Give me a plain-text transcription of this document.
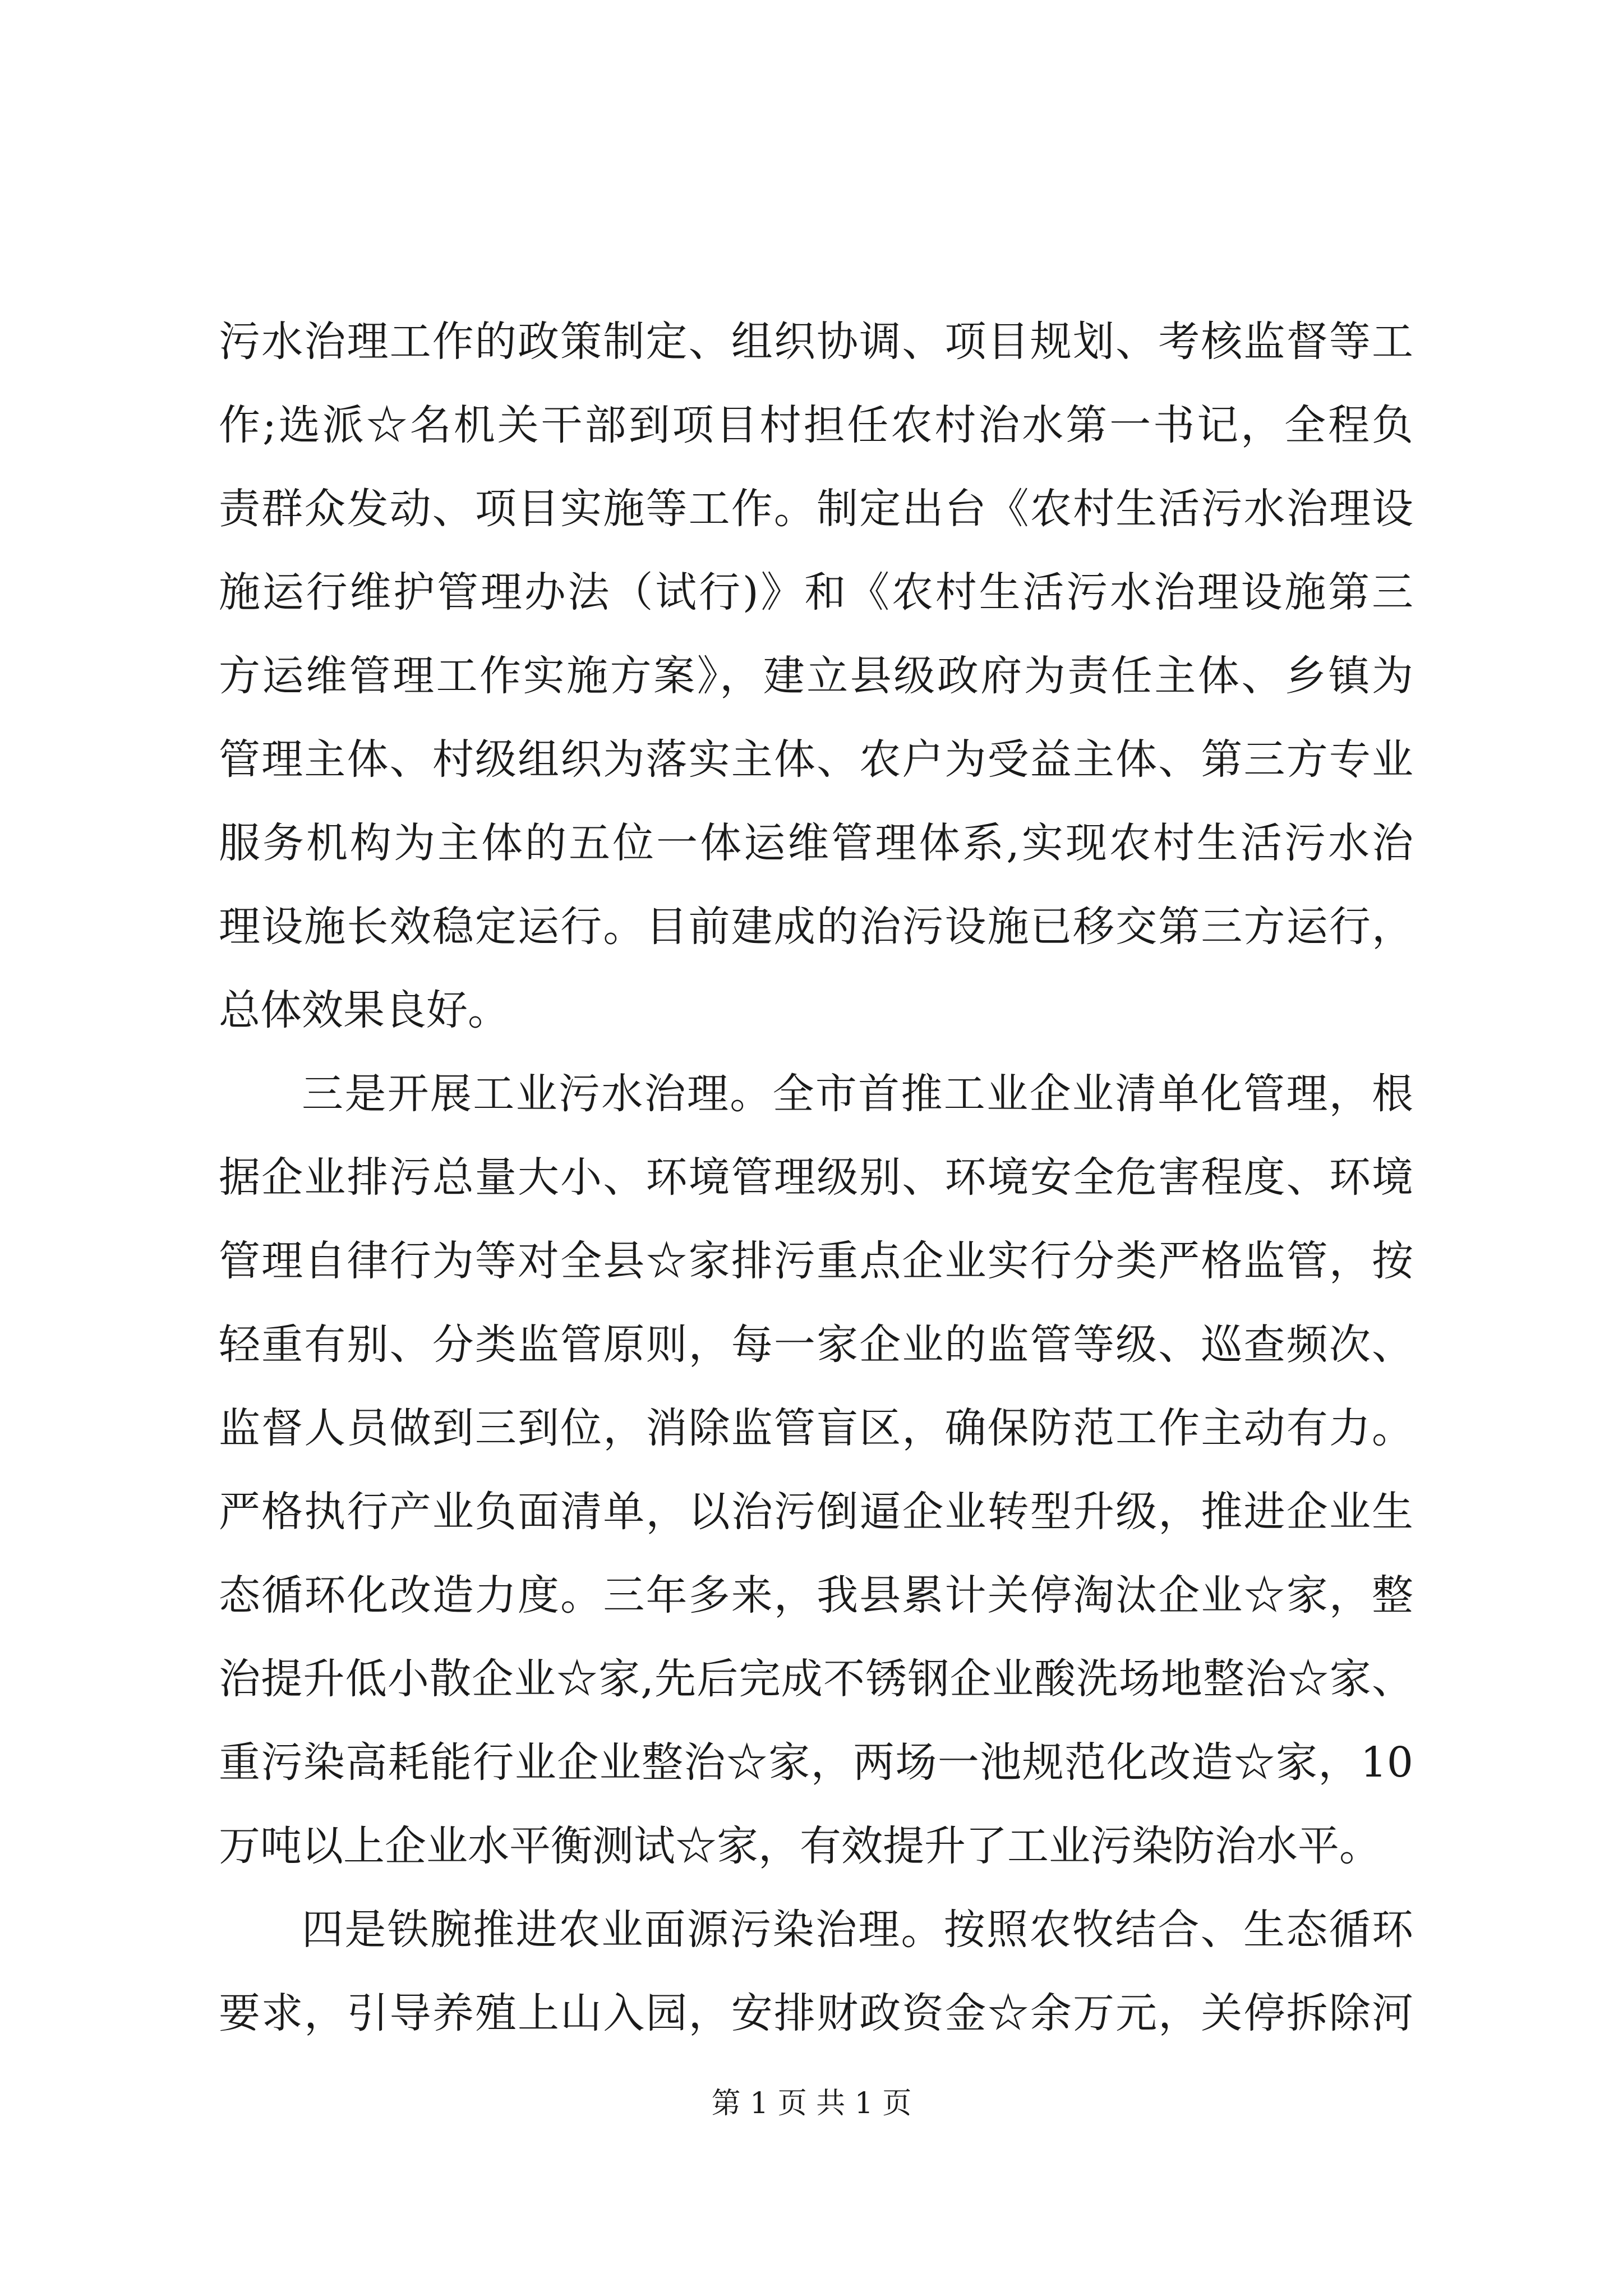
污水治理工作的政策制定、组织协调、项目规划、考核监督等工
作;选派☆名机关干部到项目村担任农村治水第一书记，全程负
责群众发动、项目实施等工作。制定出台《农村生活污水治理设
施运行维护管理办法（试行)》和《农村生活污水治理设施第三
方运维管理工作实施方案》，建立县级政府为责任主体、乡镇为
管理主体、村级组织为落实主体、农户为受益主体、第三方专业
服务机构为主体的五位一体运维管理体系,实现农村生活污水治
理设施长效稳定运行。目前建成的治污设施已移交第三方运行，
总体效果良好。
三是开展工业污水治理。全市首推工业企业清单化管理，根
据企业排污总量大小、环境管理级别、环境安全危害程度、环境
管理自律行为等对全县☆家排污重点企业实行分类严格监管，按
轻重有别、分类监管原则，每一家企业的监管等级、巡查频次、
监督人员做到三到位，消除监管盲区，确保防范工作主动有力。
严格执行产业负面清单，以治污倒逼企业转型升级，推进企业生
态循环化改造力度。三年多来，我县累计关停淘汰企业☆家，整
治提升低小散企业☆家,先后完成不锈钢企业酸洗场地整治☆家、
重污染高耗能行业企业整治☆家，两场一池规范化改造☆家，10
万吨以上企业水平衡测试☆家，有效提升了工业污染防治水平。
四是铁腕推进农业面源污染治理。按照农牧结合、生态循环
要求，引导养殖上山入园，安排财政资金☆余万元，关停拆除河
第 1 页 共 1 页
